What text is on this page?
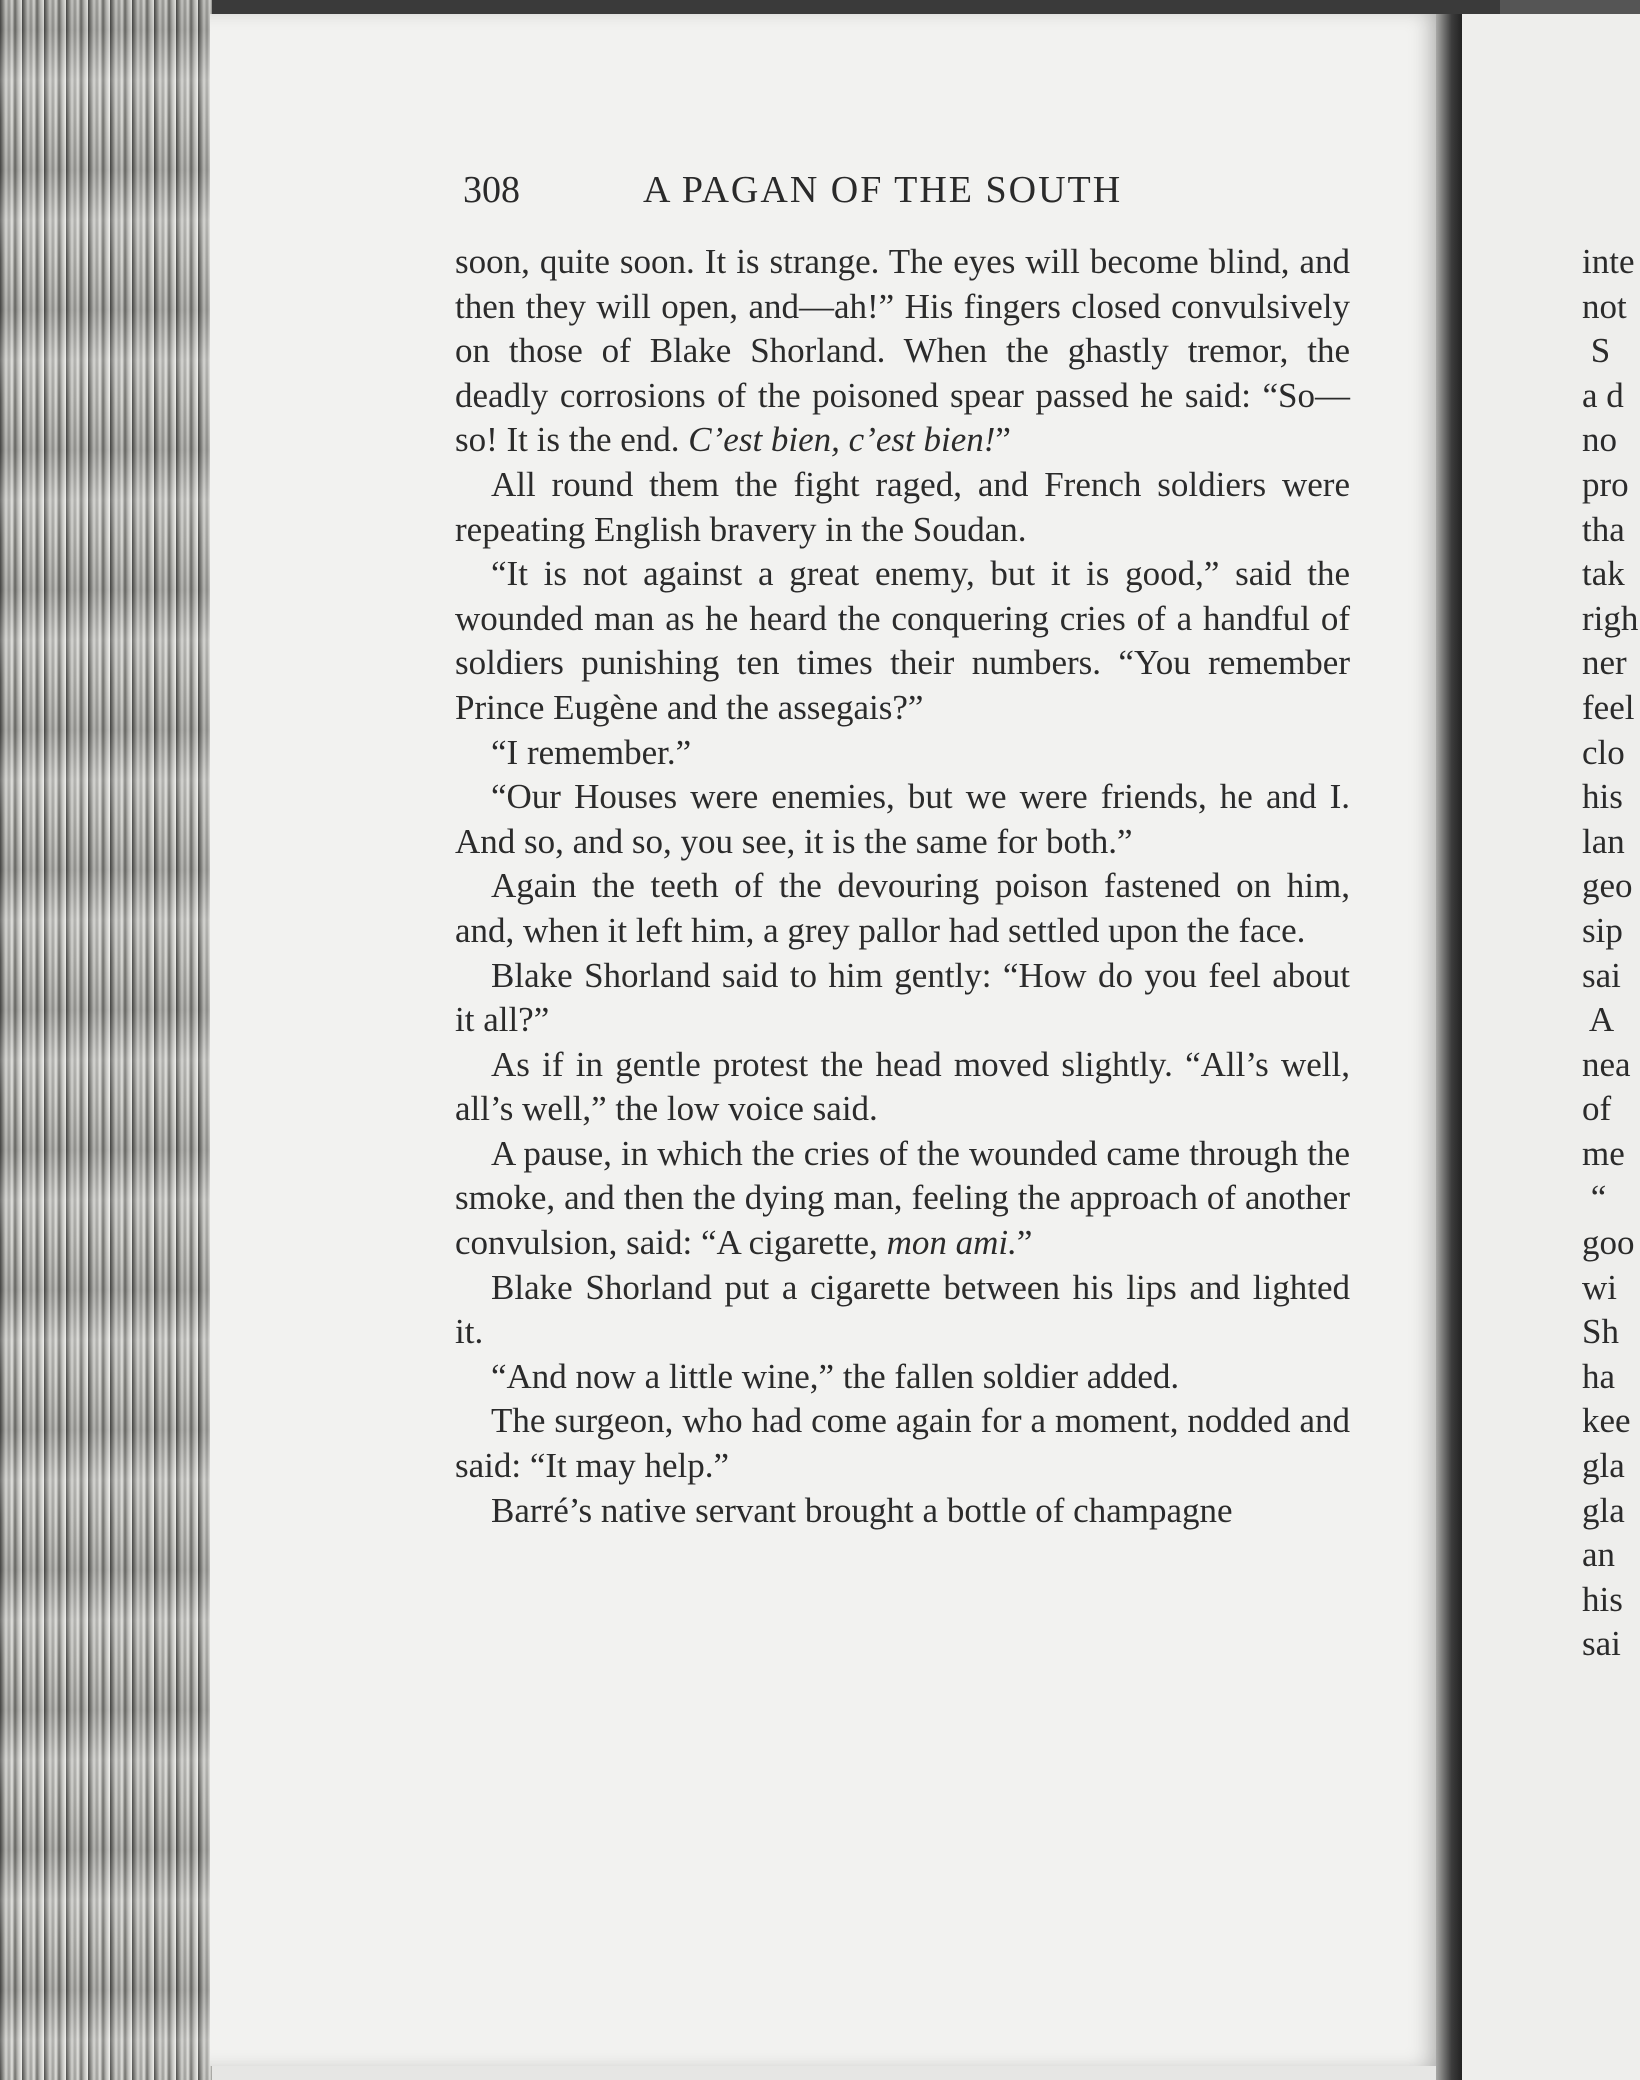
308	A PAGAN OF THE SOUTH

soon, quite soon. It is strange. The eyes will become blind, and then they will open, and—ah!” His fingers closed convulsively on those of Blake Shorland. When the ghastly tremor, the deadly corrosions of the poisoned spear passed he said: “So—so! It is the end. C’est bien, c’est bien!”

All round them the fight raged, and French soldiers were repeating English bravery in the Soudan.

“It is not against a great enemy, but it is good,” said the wounded man as he heard the conquering cries of a handful of soldiers punishing ten times their numbers. “You remember Prince Eugène and the assegais?”

“I remember.”

“Our Houses were enemies, but we were friends, he and I. And so, and so, you see, it is the same for both.”

Again the teeth of the devouring poison fastened on him, and, when it left him, a grey pallor had settled upon the face.

Blake Shorland said to him gently: “How do you feel about it all?”

As if in gentle protest the head moved slightly. “All’s well, all’s well,” the low voice said.

A pause, in which the cries of the wounded came through the smoke, and then the dying man, feeling the approach of another convulsion, said: “A cigarette, mon ami.”

Blake Shorland put a cigarette between his lips and lighted it.

“And now a little wine,” the fallen soldier added.

The surgeon, who had come again for a moment, nodded and said: “It may help.”

Barré’s native servant brought a bottle of champagne

inte
not
S
a d
no
pro
tha
tak
righ
ner
feel
clo
his
lan
geo
sip
sai
A
nea
of
me
“
goo
wi
Sh
ha
kee
gla
gla
an
his
sai
